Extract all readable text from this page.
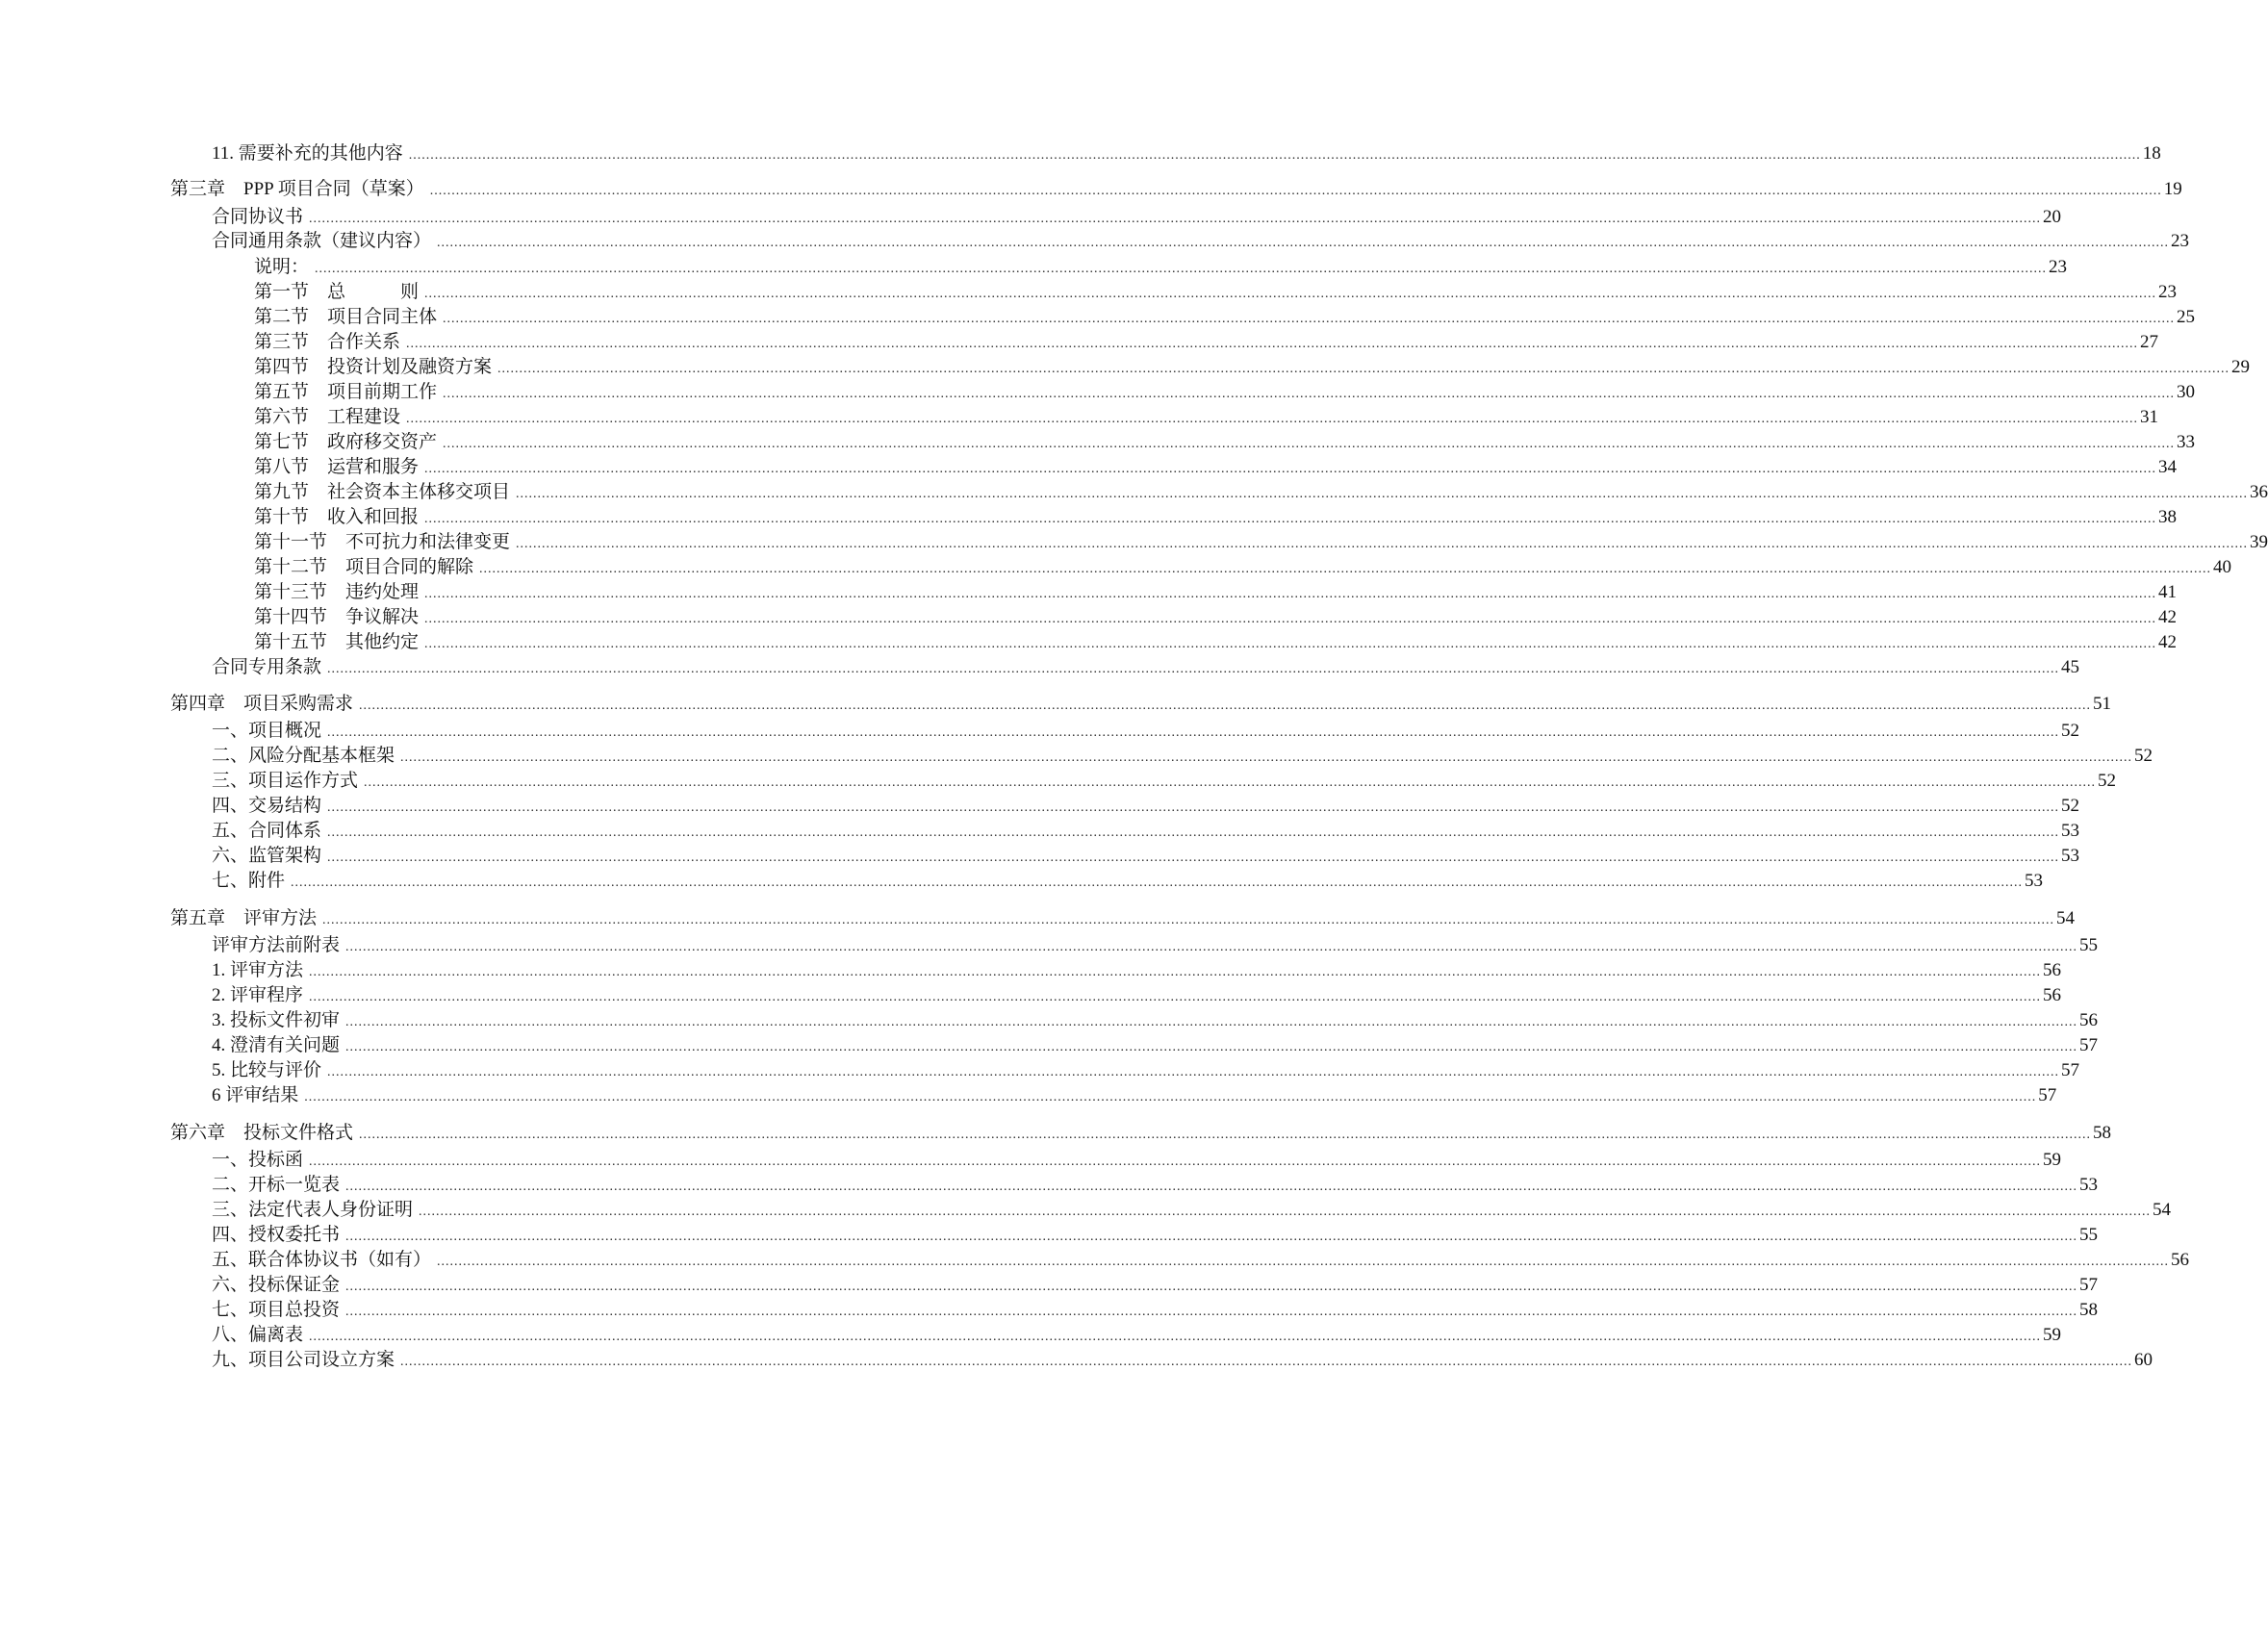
11. 需要补充的其他内容 ................................................................................................................................................................................................................................................................................................................................................................................................................ 18
第三章　PPP 项目合同（草案） ................................................................................................................................................................................................................................................................................................................................................................................................................ 19
合同协议书 ................................................................................................................................................................................................................................................................................................................................................................................................................ 20
合同通用条款（建议内容） ................................................................................................................................................................................................................................................................................................................................................................................................................ 23
说明： ................................................................................................................................................................................................................................................................................................................................................................................................................ 23
第一节　总　　　则 ................................................................................................................................................................................................................................................................................................................................................................................................................ 23
第二节　项目合同主体 ................................................................................................................................................................................................................................................................................................................................................................................................................ 25
第三节　合作关系 ................................................................................................................................................................................................................................................................................................................................................................................................................ 27
第四节　投资计划及融资方案 ................................................................................................................................................................................................................................................................................................................................................................................................................ 29
第五节　项目前期工作 ................................................................................................................................................................................................................................................................................................................................................................................................................ 30
第六节　工程建设 ................................................................................................................................................................................................................................................................................................................................................................................................................ 31
第七节　政府移交资产 ................................................................................................................................................................................................................................................................................................................................................................................................................ 33
第八节　运营和服务 ................................................................................................................................................................................................................................................................................................................................................................................................................ 34
第九节　社会资本主体移交项目 ................................................................................................................................................................................................................................................................................................................................................................................................................ 36
第十节　收入和回报 ................................................................................................................................................................................................................................................................................................................................................................................................................ 38
第十一节　不可抗力和法律变更 ................................................................................................................................................................................................................................................................................................................................................................................................................ 39
第十二节　项目合同的解除 ................................................................................................................................................................................................................................................................................................................................................................................................................ 40
第十三节　违约处理 ................................................................................................................................................................................................................................................................................................................................................................................................................ 41
第十四节　争议解决 ................................................................................................................................................................................................................................................................................................................................................................................................................ 42
第十五节　其他约定 ................................................................................................................................................................................................................................................................................................................................................................................................................ 42
合同专用条款 ................................................................................................................................................................................................................................................................................................................................................................................................................ 45
第四章　项目采购需求 ................................................................................................................................................................................................................................................................................................................................................................................................................ 51
一、项目概况 ................................................................................................................................................................................................................................................................................................................................................................................................................ 52
二、风险分配基本框架 ................................................................................................................................................................................................................................................................................................................................................................................................................ 52
三、项目运作方式 ................................................................................................................................................................................................................................................................................................................................................................................................................ 52
四、交易结构 ................................................................................................................................................................................................................................................................................................................................................................................................................ 52
五、合同体系 ................................................................................................................................................................................................................................................................................................................................................................................................................ 53
六、监管架构 ................................................................................................................................................................................................................................................................................................................................................................................................................ 53
七、附件 ................................................................................................................................................................................................................................................................................................................................................................................................................ 53
第五章　评审方法 ................................................................................................................................................................................................................................................................................................................................................................................................................ 54
评审方法前附表 ................................................................................................................................................................................................................................................................................................................................................................................................................ 55
1. 评审方法 ................................................................................................................................................................................................................................................................................................................................................................................................................ 56
2. 评审程序 ................................................................................................................................................................................................................................................................................................................................................................................................................ 56
3. 投标文件初审 ................................................................................................................................................................................................................................................................................................................................................................................................................ 56
4. 澄清有关问题 ................................................................................................................................................................................................................................................................................................................................................................................................................ 57
5. 比较与评价 ................................................................................................................................................................................................................................................................................................................................................................................................................ 57
6 评审结果 ................................................................................................................................................................................................................................................................................................................................................................................................................ 57
第六章　投标文件格式 ................................................................................................................................................................................................................................................................................................................................................................................................................ 58
一、投标函 ................................................................................................................................................................................................................................................................................................................................................................................................................ 59
二、开标一览表 ................................................................................................................................................................................................................................................................................................................................................................................................................ 53
三、法定代表人身份证明 ................................................................................................................................................................................................................................................................................................................................................................................................................ 54
四、授权委托书 ................................................................................................................................................................................................................................................................................................................................................................................................................ 55
五、联合体协议书（如有） ................................................................................................................................................................................................................................................................................................................................................................................................................ 56
六、投标保证金 ................................................................................................................................................................................................................................................................................................................................................................................................................ 57
七、项目总投资 ................................................................................................................................................................................................................................................................................................................................................................................................................ 58
八、偏离表 ................................................................................................................................................................................................................................................................................................................................................................................................................ 59
九、项目公司设立方案 ................................................................................................................................................................................................................................................................................................................................................................................................................ 60
